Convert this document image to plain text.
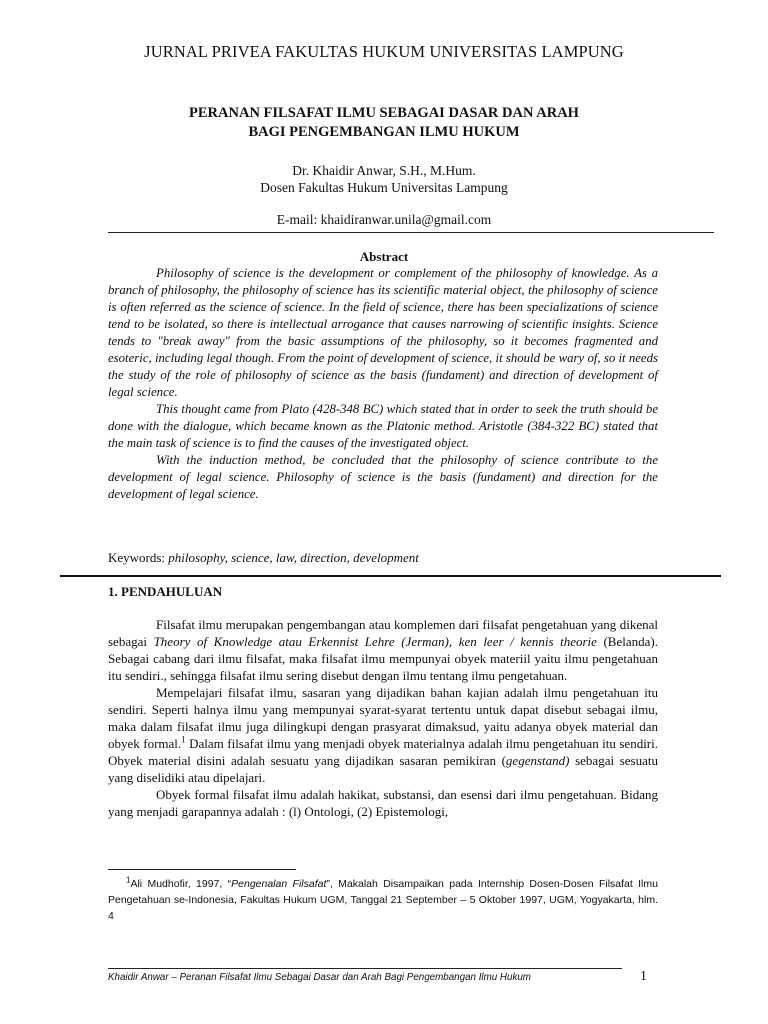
JURNAL PRIVEA FAKULTAS HUKUM UNIVERSITAS LAMPUNG
PERANAN FILSAFAT ILMU SEBAGAI DASAR DAN ARAH
BAGI PENGEMBANGAN ILMU HUKUM
Dr. Khaidir Anwar, S.H., M.Hum.
Dosen Fakultas Hukum Universitas Lampung
E-mail: khaidiranwar.unila@gmail.com
Abstract

Philosophy of science is the development or complement of the philosophy of knowledge. As a branch of philosophy, the philosophy of science has its scientific material object, the philosophy of science is often referred as the science of science. In the field of science, there has been specializations of science tend to be isolated, so there is intellectual arrogance that causes narrowing of scientific insights. Science tends to "break away" from the basic assumptions of the philosophy, so it becomes fragmented and esoteric, including legal though. From the point of development of science, it should be wary of, so it needs the study of the role of philosophy of science as the basis (fundament) and direction of development of legal science.

This thought came from Plato (428-348 BC) which stated that in order to seek the truth should be done with the dialogue, which became known as the Platonic method. Aristotle (384-322 BC) stated that the main task of science is to find the causes of the investigated object.

With the induction method, be concluded that the philosophy of science contribute to the development of legal science. Philosophy of science is the basis (fundament) and direction for the development of legal science.

Keywords: philosophy, science, law, direction, development
1. PENDAHULUAN

Filsafat ilmu merupakan pengembangan atau komplemen dari filsafat pengetahuan yang dikenal sebagai Theory of Knowledge atau Erkennist Lehre (Jerman), ken leer / kennis theorie (Belanda). Sebagai cabang dari ilmu filsafat, maka filsafat ilmu mempunyai obyek materiil yaitu ilmu pengetahuan itu sendiri., sehingga filsafat ilmu sering disebut dengan ilmu tentang ilmu pengetahuan.

Mempelajari filsafat ilmu, sasaran yang dijadikan bahan kajian adalah ilmu pengetahuan itu sendiri. Seperti halnya ilmu yang mempunyai syarat-syarat tertentu untuk dapat disebut sebagai ilmu, maka dalam filsafat ilmu juga dilingkupi dengan prasyarat dimaksud, yaitu adanya obyek material dan obyek formal.$^1$ Dalam filsafat ilmu yang menjadi obyek materialnya adalah ilmu pengetahuan itu sendiri. Obyek material disini adalah sesuatu yang dijadikan sasaran pemikiran (gegenstand) sebagai sesuatu yang diselidiki atau dipelajari.

Obyek formal filsafat ilmu adalah hakikat, substansi, dan esensi dari ilmu pengetahuan. Bidang yang menjadi garapannya adalah : (l) Ontologi, (2) Epistemologi,

$^1$Ali Mudhofir, 1997, “Pengenalan Filsafat”, Makalah Disampaikan pada Internship Dosen-Dosen Filsafat Ilmu Pengetahuan se-Indonesia, Fakultas Hukum UGM, Tanggal 21 September – 5 Oktober 1997, UGM, Yogyakarta, hlm. 4
Khaidir Anwar – Peranan Filsafat Ilmu Sebagai Dasar dan Arah Bagi Pengembangan Ilmu Hukum	1
